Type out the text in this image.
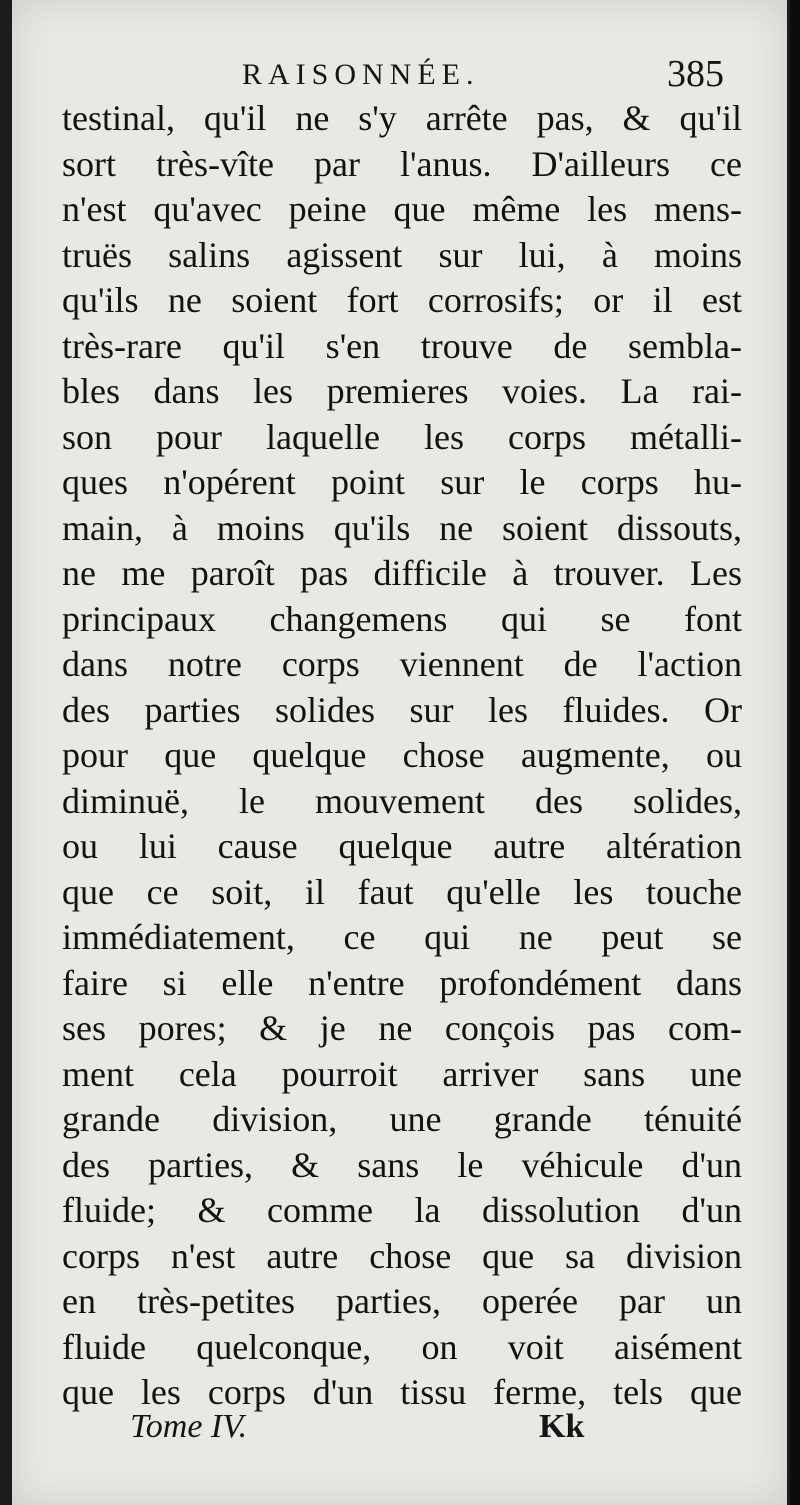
RAISONNÉE.	385
testinal, qu'il ne s'y arrête pas, & qu'il
sort très-vîte par l'anus. D'ailleurs ce
n'est qu'avec peine que même les mens-
truës salins agissent sur lui, à moins
qu'ils ne soient fort corrosifs; or il est
très-rare qu'il s'en trouve de sembla-
bles dans les premieres voies. La rai-
son pour laquelle les corps métalli-
ques n'opérent point sur le corps hu-
main, à moins qu'ils ne soient dissouts,
ne me paroît pas difficile à trouver. Les
principaux changemens qui se font
dans notre corps viennent de l'action
des parties solides sur les fluides. Or
pour que quelque chose augmente, ou
diminuë, le mouvement des solides,
ou lui cause quelque autre altération
que ce soit, il faut qu'elle les touche
immédiatement, ce qui ne peut se
faire si elle n'entre profondément dans
ses pores; & je ne conçois pas com-
ment cela pourroit arriver sans une
grande division, une grande ténuité
des parties, & sans le véhicule d'un
fluide; & comme la dissolution d'un
corps n'est autre chose que sa division
en très-petites parties, operée par un
fluide quelconque, on voit aisément
que les corps d'un tissu ferme, tels que
Tome IV.	Kk
